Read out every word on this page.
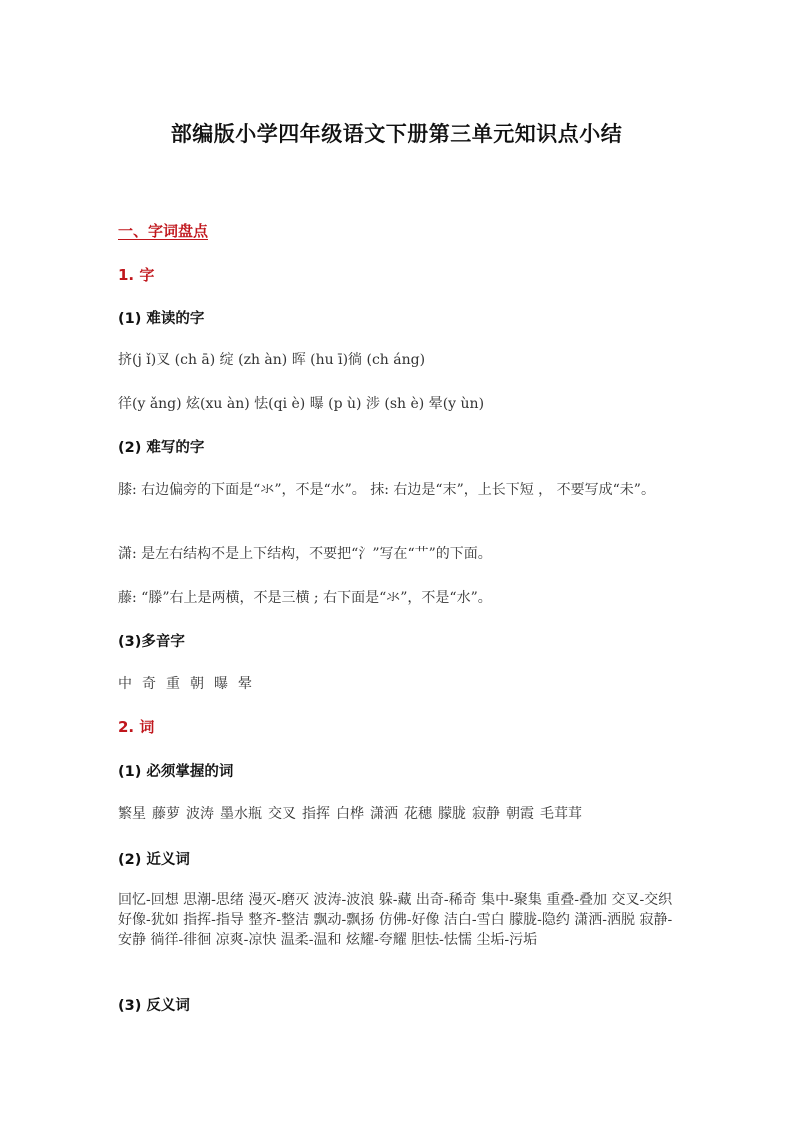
部编版小学四年级语文下册第三单元知识点小结
一、字词盘点
1. 字
(1) 难读的字
挤(j ǐ)叉 (ch ā) 绽 (zh àn) 晖 (hu ī)徜 (ch áng)
徉(y ǎng) 炫(xu àn) 怯(qi è) 曝 (p ù) 涉 (sh è) 晕(y ùn)
(2) 难写的字
膝: 右边偏旁的下面是“氺”，不是“水”。 抹: 右边是“末”，上长下短 ， 不要写成“未”。
潇: 是左右结构不是上下结构，不要把“氵”写在“艹”的下面。
藤: “滕”右上是两横，不是三横 ; 右下面是“氺”，不是“水”。
(3)多音字
中 奇 重 朝 曝 晕
2. 词
(1) 必须掌握的词
繁星 藤萝 波涛 墨水瓶 交叉 指挥 白桦 潇洒 花穗 朦胧 寂静 朝霞 毛茸茸
(2) 近义词
回忆-回想 思潮-思绪 漫灭-磨灭 波涛-波浪 躲-藏 出奇-稀奇 集中-聚集 重叠-叠加 交叉-交织 好像-犹如 指挥-指导 整齐-整洁 飘动-飘扬 仿佛-好像 洁白-雪白 朦胧-隐约 潇洒-洒脱 寂静-安静 徜徉-徘徊 凉爽-凉快 温柔-温和 炫耀-夸耀 胆怯-怯懦 尘垢-污垢
(3) 反义词
